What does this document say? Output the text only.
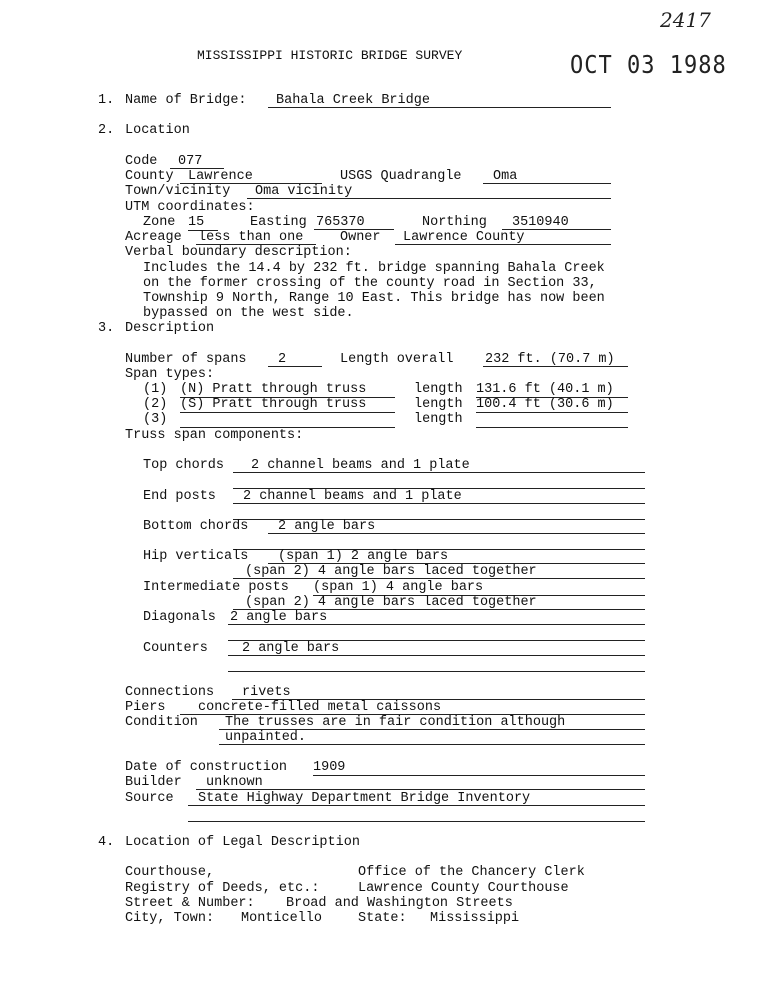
2417
MISSISSIPPI HISTORIC BRIDGE SURVEY	OCT 03 1988
1. Name of Bridge:	Bahala Creek Bridge
2. Location
Code	077
County	Lawrence	USGS Quadrangle	Oma
Town/vicinity	Oma vicinity
UTM coordinates:
Zone 15	Easting 765370	Northing	3510940
Acreage less than one	Owner	Lawrence County
Verbal boundary description:
Includes the 14.4 by 232 ft. bridge spanning Bahala Creek
on the former crossing of the county road in Section 33,
Township 9 North, Range 10 East. This bridge has now been
bypassed on the west side.
3. Description
Number of spans	2	Length overall 232 ft. (70.7 m)
Span types:
(1) (N) Pratt through truss	length 131.6 ft (40.1 m)
(2) (S) Pratt through truss	length 100.4 ft (30.6 m)
(3)	length
Truss span components:
Top chords	2 channel beams and 1 plate
End posts	2 channel beams and 1 plate
Bottom chords	2 angle bars
Hip verticals	(span 1) 2 angle bars
(span 2) 4 angle bars laced together
Intermediate posts (span 1) 4 angle bars
(span 2) 4 angle bars laced together
Diagonals 2 angle bars
Counters	2 angle bars
Connections	rivets
Piers	concrete-filled metal caissons
Condition	The trusses are in fair condition although
unpainted.
Date of construction 1909
Builder	unknown
Source	State Highway Department Bridge Inventory
4. Location of Legal Description
Courthouse,	Office of the Chancery Clerk
Registry of Deeds, etc.:	Lawrence County Courthouse
Street & Number: Broad and Washington Streets
City, Town: Monticello	State: Mississippi
